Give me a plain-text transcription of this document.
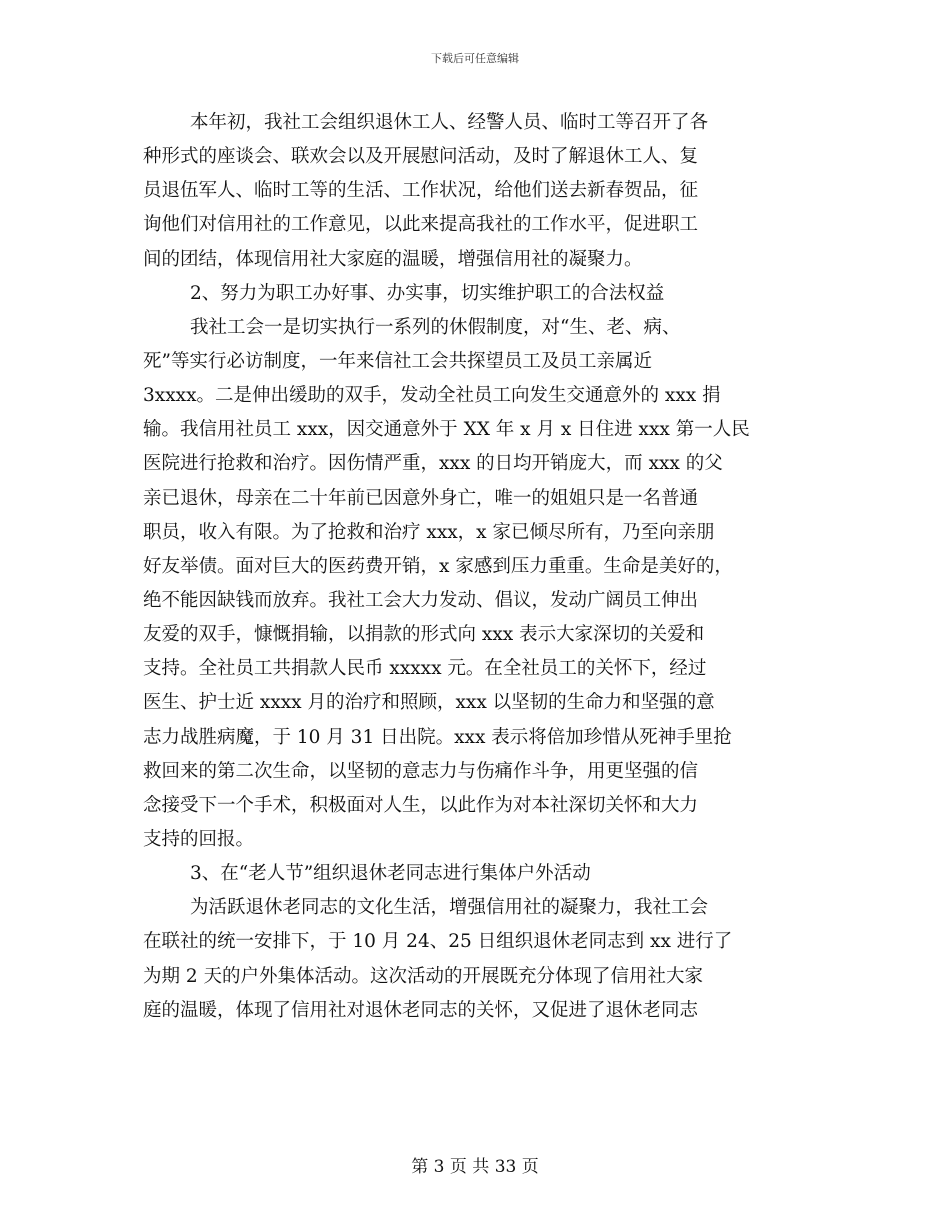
下载后可任意编辑
本年初，我社工会组织退休工人、经警人员、临时工等召开了各
种形式的座谈会、联欢会以及开展慰问活动，及时了解退休工人、复
员退伍军人、临时工等的生活、工作状况，给他们送去新春贺品，征
询他们对信用社的工作意见，以此来提高我社的工作水平，促进职工
间的团结，体现信用社大家庭的温暖，增强信用社的凝聚力。
2、努力为职工办好事、办实事，切实维护职工的合法权益
我社工会一是切实执行一系列的休假制度，对“生、老、病、
死”等实行必访制度，一年来信社工会共探望员工及员工亲属近
3xxxx。二是伸出缓助的双手，发动全社员工向发生交通意外的 xxx 捐
输。我信用社员工 xxx，因交通意外于 XX 年 x 月 x 日住进 xxx 第一人民
医院进行抢救和治疗。因伤情严重，xxx 的日均开销庞大，而 xxx 的父
亲已退休，母亲在二十年前已因意外身亡，唯一的姐姐只是一名普通
职员，收入有限。为了抢救和治疗 xxx，x 家已倾尽所有，乃至向亲朋
好友举债。面对巨大的医药费开销，x 家感到压力重重。生命是美好的，
绝不能因缺钱而放弃。我社工会大力发动、倡议，发动广阔员工伸出
友爱的双手，慷慨捐输，以捐款的形式向 xxx 表示大家深切的关爱和
支持。全社员工共捐款人民币 xxxxx 元。在全社员工的关怀下，经过
医生、护士近 xxxx 月的治疗和照顾，xxx 以坚韧的生命力和坚强的意
志力战胜病魔，于 10 月 31 日出院。xxx 表示将倍加珍惜从死神手里抢
救回来的第二次生命，以坚韧的意志力与伤痛作斗争，用更坚强的信
念接受下一个手术，积极面对人生，以此作为对本社深切关怀和大力
支持的回报。
3、在“老人节”组织退休老同志进行集体户外活动
为活跃退休老同志的文化生活，增强信用社的凝聚力，我社工会
在联社的统一安排下，于 10 月 24、25 日组织退休老同志到 xx 进行了
为期 2 天的户外集体活动。这次活动的开展既充分体现了信用社大家
庭的温暖，体现了信用社对退休老同志的关怀，又促进了退休老同志
第 3 页 共 33 页
